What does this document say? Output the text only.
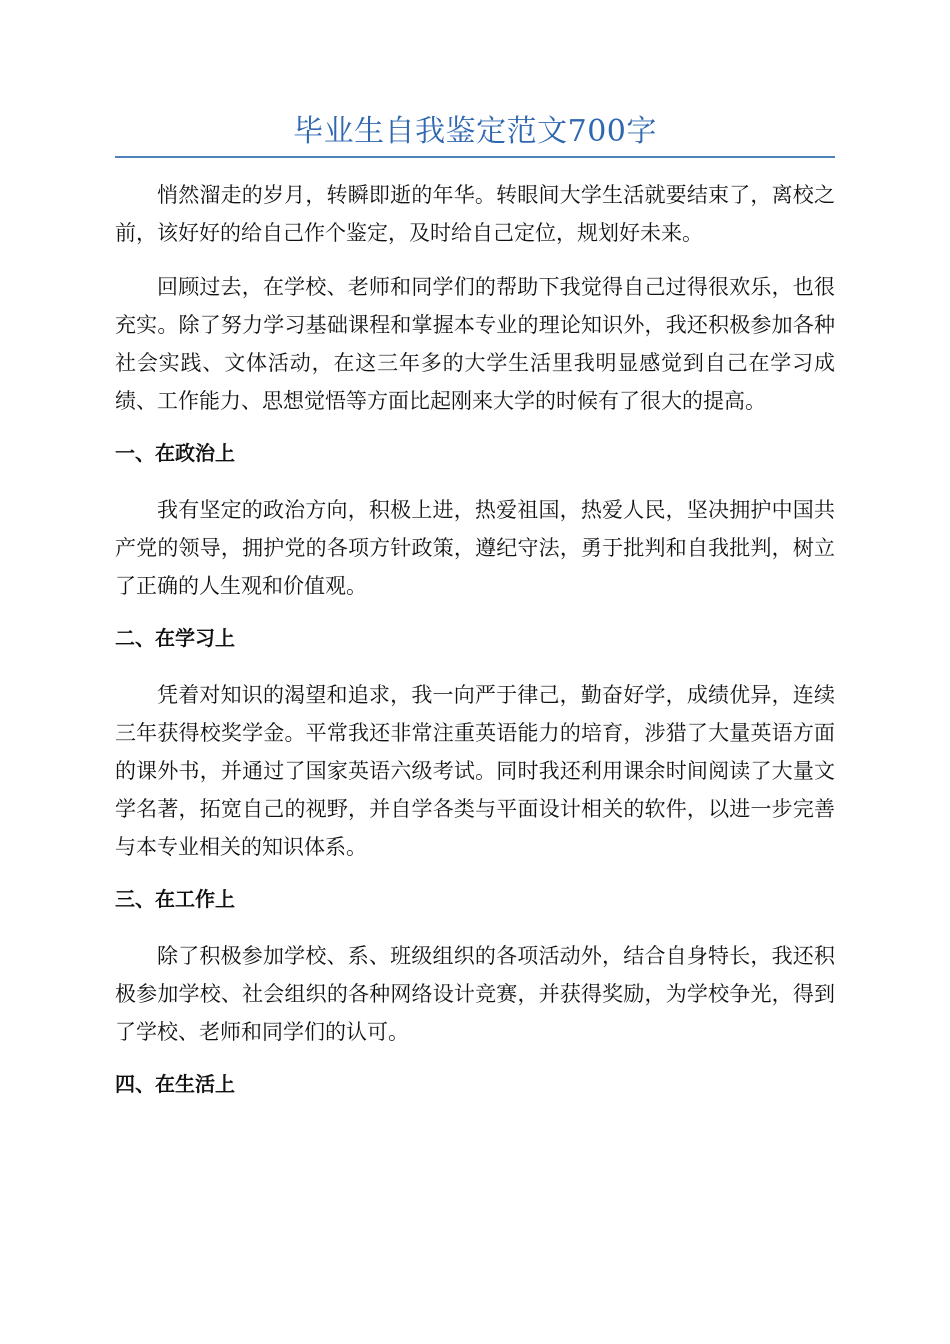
毕业生自我鉴定范文700字

悄然溜走的岁月，转瞬即逝的年华。转眼间大学生活就要结束了，离校之前，该好好的给自己作个鉴定，及时给自己定位，规划好未来。

回顾过去，在学校、老师和同学们的帮助下我觉得自己过得很欢乐，也很充实。除了努力学习基础课程和掌握本专业的理论知识外，我还积极参加各种社会实践、文体活动，在这三年多的大学生活里我明显感觉到自己在学习成绩、工作能力、思想觉悟等方面比起刚来大学的时候有了很大的提高。

一、在政治上

我有坚定的政治方向，积极上进，热爱祖国，热爱人民，坚决拥护中国共产党的领导，拥护党的各项方针政策，遵纪守法，勇于批判和自我批判，树立了正确的人生观和价值观。

二、在学习上

凭着对知识的渴望和追求，我一向严于律己，勤奋好学，成绩优异，连续三年获得校奖学金。平常我还非常注重英语能力的培育，涉猎了大量英语方面的课外书，并通过了国家英语六级考试。同时我还利用课余时间阅读了大量文学名著，拓宽自己的视野，并自学各类与平面设计相关的软件，以进一步完善与本专业相关的知识体系。

三、在工作上

除了积极参加学校、系、班级组织的各项活动外，结合自身特长，我还积极参加学校、社会组织的各种网络设计竞赛，并获得奖励，为学校争光，得到了学校、老师和同学们的认可。

四、在生活上
